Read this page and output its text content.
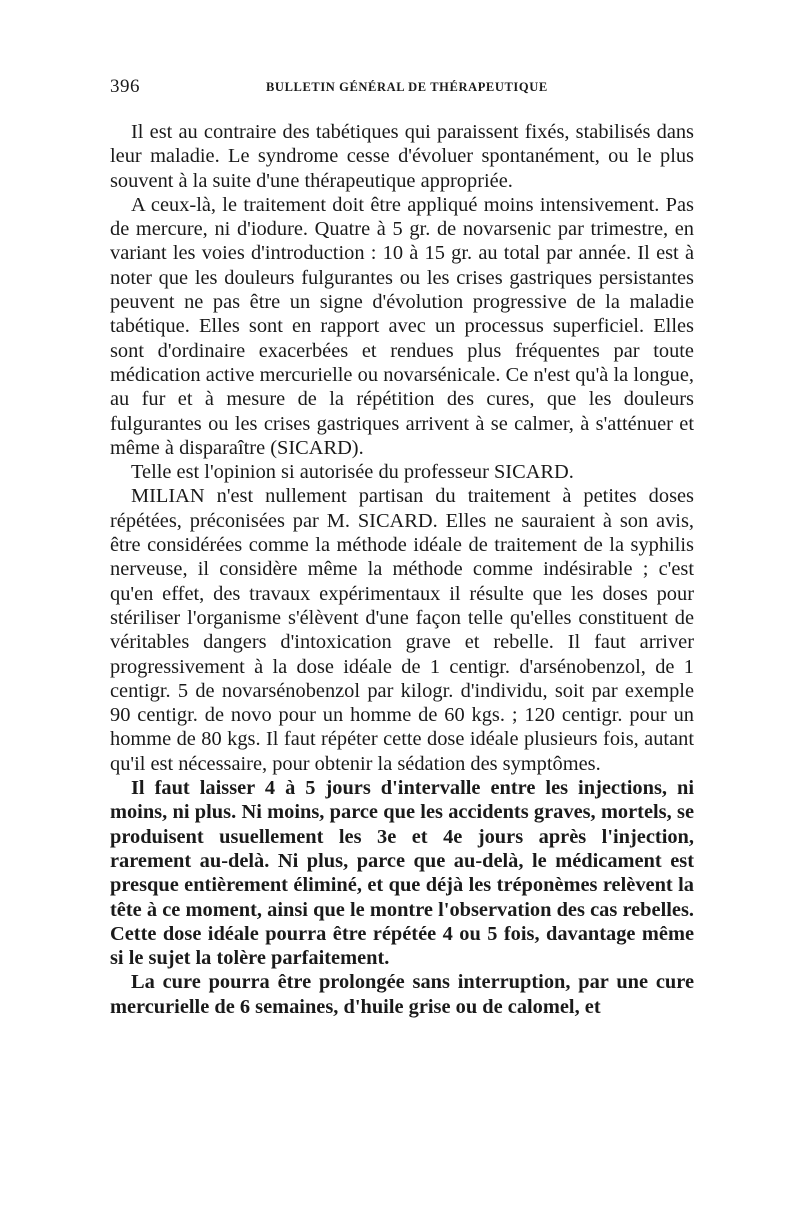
396	BULLETIN GÉNÉRAL DE THÉRAPEUTIQUE

Il est au contraire des tabétiques qui paraissent fixés, stabilisés dans leur maladie. Le syndrome cesse d'évoluer spontanément, ou le plus souvent à la suite d'une thérapeutique appropriée.

A ceux-là, le traitement doit être appliqué moins intensivement. Pas de mercure, ni d'iodure. Quatre à 5 gr. de novarsenic par trimestre, en variant les voies d'introduction : 10 à 15 gr. au total par année. Il est à noter que les douleurs fulgurantes ou les crises gastriques persistantes peuvent ne pas être un signe d'évolution progressive de la maladie tabétique. Elles sont en rapport avec un processus superficiel. Elles sont d'ordinaire exacerbées et rendues plus fréquentes par toute médication active mercurielle ou novarsénicale. Ce n'est qu'à la longue, au fur et à mesure de la répétition des cures, que les douleurs fulgurantes ou les crises gastriques arrivent à se calmer, à s'atténuer et même à disparaître (SICARD).

Telle est l'opinion si autorisée du professeur SICARD.

MILIAN n'est nullement partisan du traitement à petites doses répétées, préconisées par M. SICARD. Elles ne sauraient à son avis, être considérées comme la méthode idéale de traitement de la syphilis nerveuse, il considère même la méthode comme indésirable ; c'est qu'en effet, des travaux expérimentaux il résulte que les doses pour stériliser l'organisme s'élèvent d'une façon telle qu'elles constituent de véritables dangers d'intoxication grave et rebelle. Il faut arriver progressivement à la dose idéale de 1 centigr. d'arsénobenzol, de 1 centigr. 5 de novarsénobenzol par kilogr. d'individu, soit par exemple 90 centigr. de novo pour un homme de 60 kgs. ; 120 centigr. pour un homme de 80 kgs. Il faut répéter cette dose idéale plusieurs fois, autant qu'il est nécessaire, pour obtenir la sédation des symptômes.

Il faut laisser 4 à 5 jours d'intervalle entre les injections, ni moins, ni plus. Ni moins, parce que les accidents graves, mortels, se produisent usuellement les 3e et 4e jours après l'injection, rarement au-delà. Ni plus, parce que au-delà, le médicament est presque entièrement éliminé, et que déjà les tréponèmes relèvent la tête à ce moment, ainsi que le montre l'observation des cas rebelles. Cette dose idéale pourra être répétée 4 ou 5 fois, davantage même si le sujet la tolère parfaitement.

La cure pourra être prolongée sans interruption, par une cure mercurielle de 6 semaines, d'huile grise ou de calomel, et
